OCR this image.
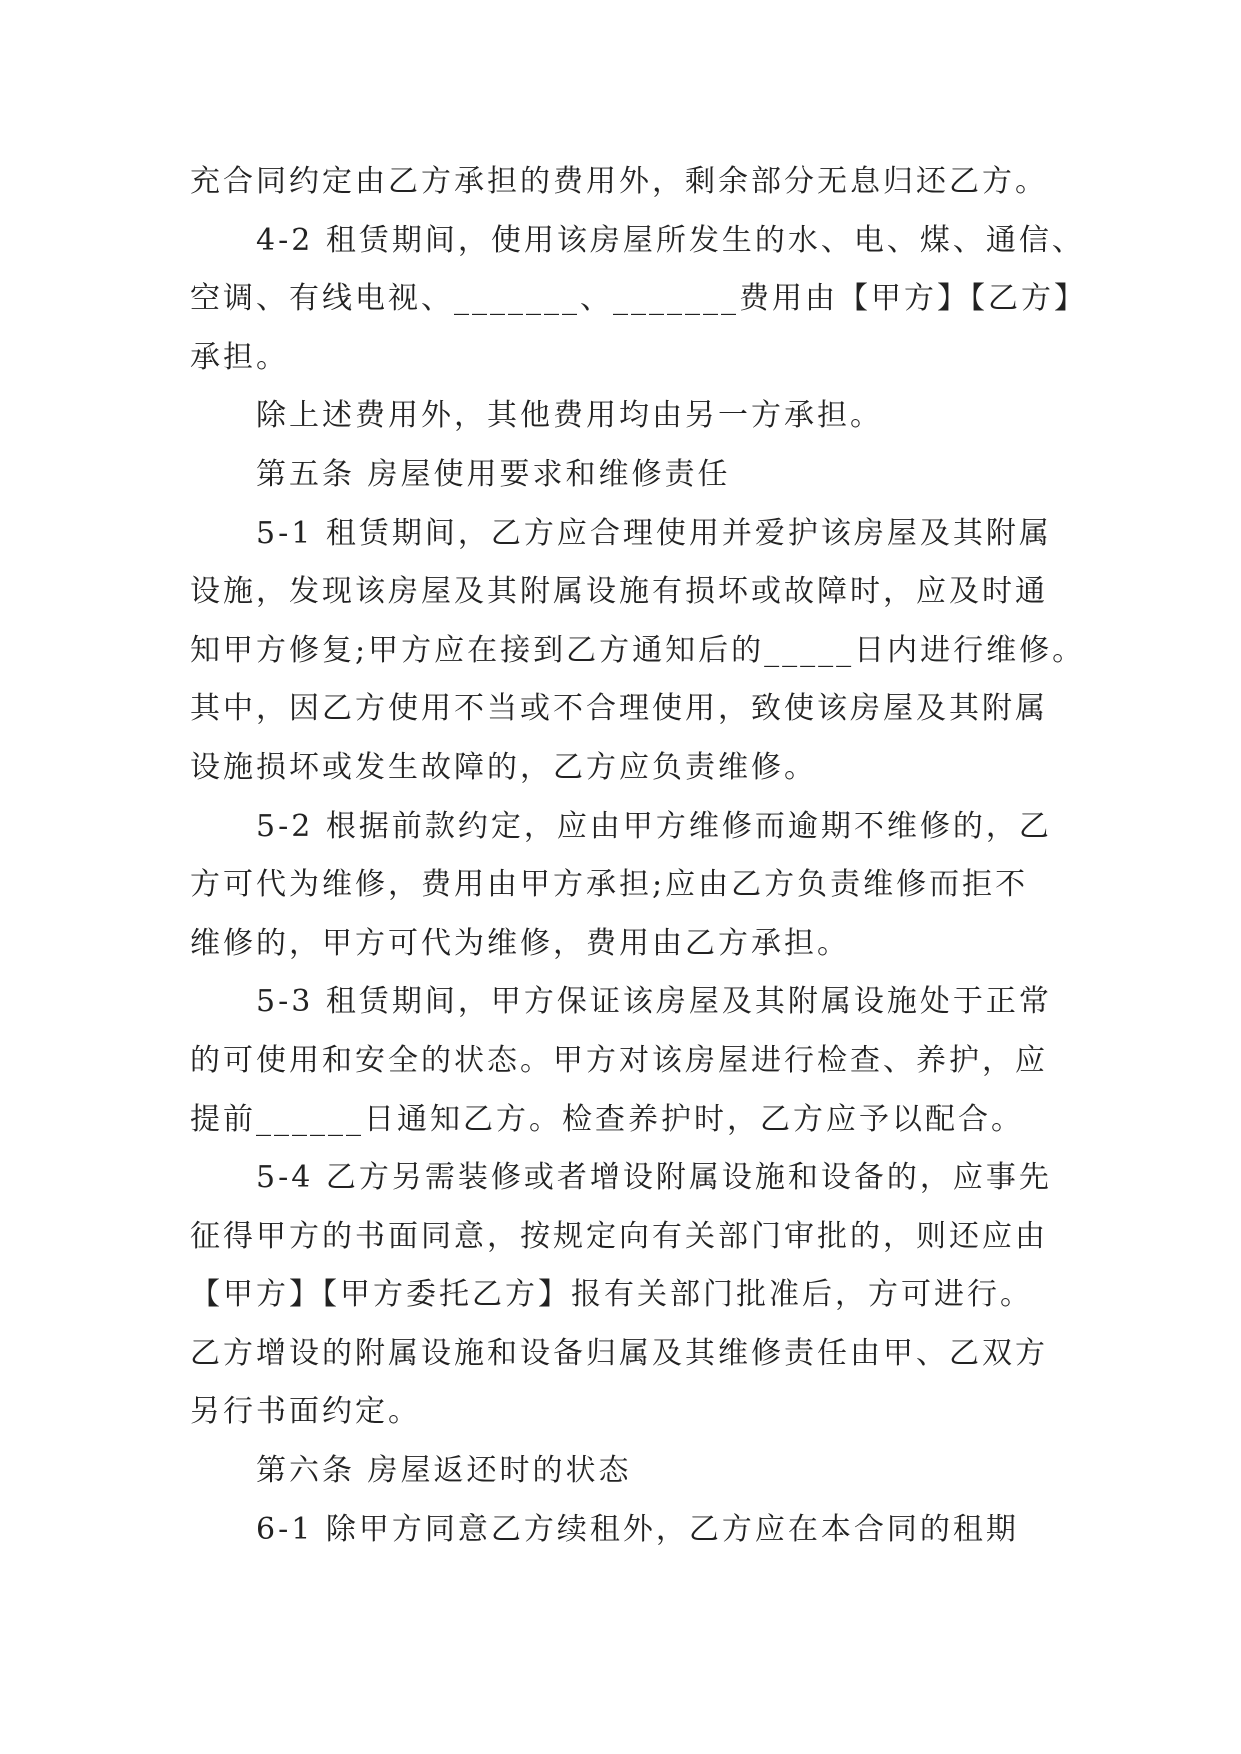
充合同约定由乙方承担的费用外，剩余部分无息归还乙方。

4-2 租赁期间，使用该房屋所发生的水、电、煤、通信、

空调、有线电视、_______、_______费用由【甲方】【乙方】

承担。

除上述费用外，其他费用均由另一方承担。

第五条 房屋使用要求和维修责任

5-1 租赁期间，乙方应合理使用并爱护该房屋及其附属

设施，发现该房屋及其附属设施有损坏或故障时，应及时通

知甲方修复;甲方应在接到乙方通知后的_____日内进行维修。

其中，因乙方使用不当或不合理使用，致使该房屋及其附属

设施损坏或发生故障的，乙方应负责维修。

5-2 根据前款约定，应由甲方维修而逾期不维修的，乙

方可代为维修，费用由甲方承担;应由乙方负责维修而拒不

维修的，甲方可代为维修，费用由乙方承担。

5-3 租赁期间，甲方保证该房屋及其附属设施处于正常

的可使用和安全的状态。甲方对该房屋进行检查、养护，应

提前______日通知乙方。检查养护时，乙方应予以配合。

5-4 乙方另需装修或者增设附属设施和设备的，应事先

征得甲方的书面同意，按规定向有关部门审批的，则还应由

【甲方】【甲方委托乙方】报有关部门批准后，方可进行。

乙方增设的附属设施和设备归属及其维修责任由甲、乙双方

另行书面约定。

第六条 房屋返还时的状态

6-1 除甲方同意乙方续租外，乙方应在本合同的租期
